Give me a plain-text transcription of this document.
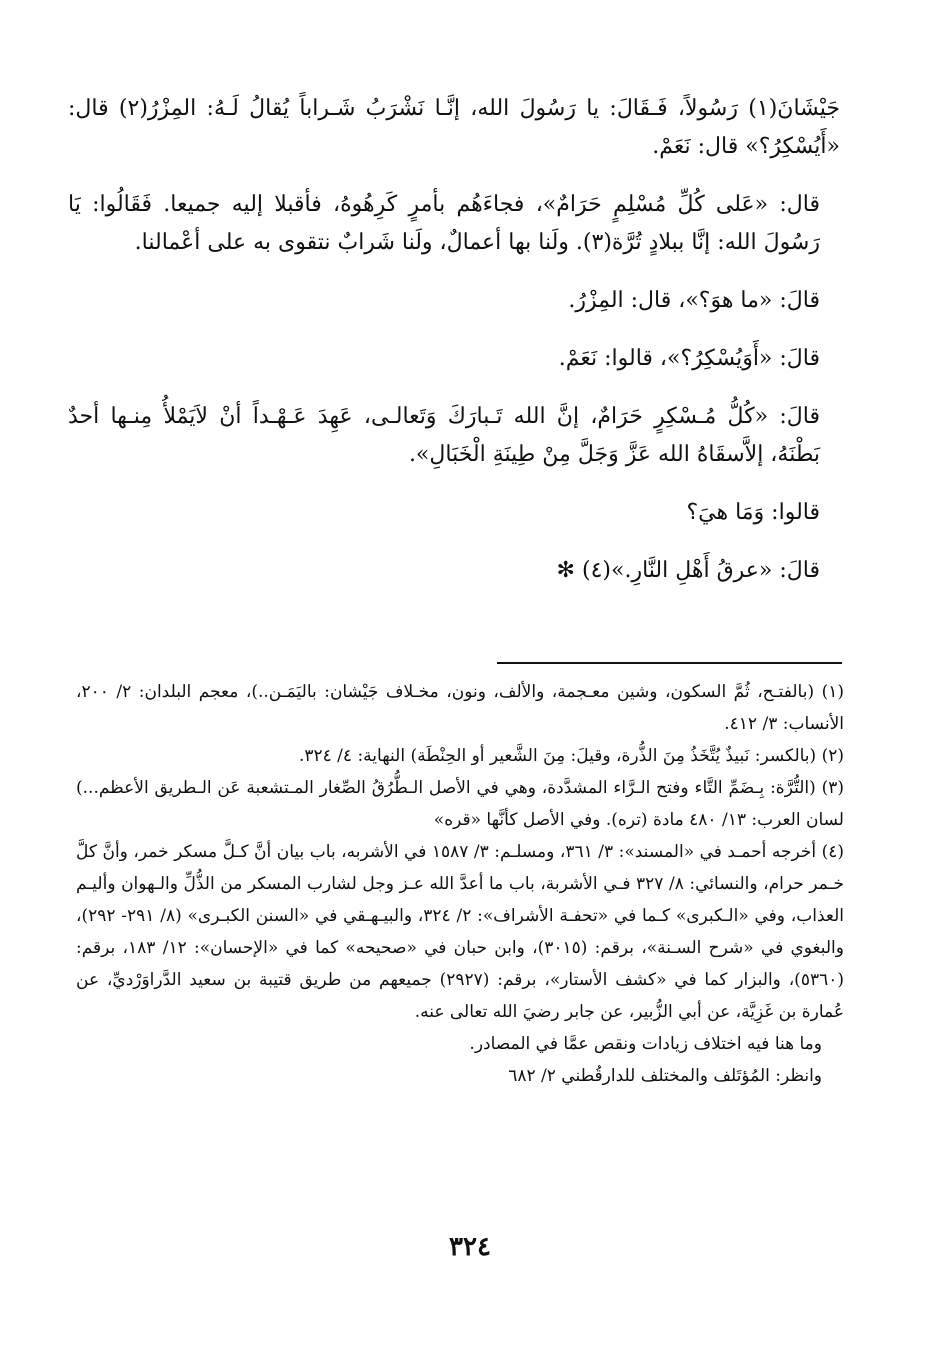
جَيْشَانَ(١) رَسُولاً، فَـقَالَ: يا رَسُولَ الله، إنَّـا نَشْرَبُ شَـراباً يُقالُ لَـهُ: المِزْرُ(٢) قال: «أَيُسْكِرُ؟» قال: نَعَمْ.

قال: «عَلى كُلِّ مُسْلِمٍ حَرَامٌ»، فجاءَهُم بأمرٍ كَرِهُوهُ، فأقبلا إليه جميعا. فَقَالُوا: يَا رَسُولَ الله: إنَّا ببلادٍ تُرَّة(٣). ولَنا بها أعمالٌ، ولَنا شَرابٌ نتقوى به على أعْمالنا.

قالَ: «ما هوَ؟»، قال: المِزْرُ.

قالَ: «أَوَيُسْكِرُ؟»، قالوا: نَعَمْ.

قالَ: «كُلُّ مُـسْكِرٍ حَرَامٌ، إنَّ الله تَـبارَكَ وَتَعالـى، عَهِدَ عَـهْـداً أنْ لاَيَمْلأُ مِنـها أحدٌ بَطْنَهُ، إلاَّسقَاهُ الله عَزَّ وَجَلَّ مِنْ طِينَةِ الْخَبَالِ».

قالوا: وَمَا هيَ؟

قالَ: «عرقُ أَهْلِ النَّارِ.»(٤) ✻

(١) (بالفتـح، ثُمَّ السكون، وشين معـجمة، والألف، ونون، مخـلاف جَيْشان: باليَمَـن..)، معجم البلدان: ٢/ ٢٠٠، الأنساب: ٣/ ٤١٢.

(٢) (بالكسر: نَبيذٌ يُتَّخَذُ مِنَ الذُّرة، وقيلَ: مِنَ الشَّعير أو الحِنْطَة) النهاية: ٤/ ٣٢٤.

(٣) (التُّرَّة: بِـضَمِّ التَّاء وفتح الـرَّاء المشدَّدة، وهي في الأصل الـطُّرُقُ الصِّغار المـتشعبة عَن الـطريق الأعظم...) لسان العرب: ١٣/ ٤٨٠ مادة (تره). وفي الأصل كأنَّها «قره»

(٤) أخرجه أحمـد في «المسند»: ٣/ ٣٦١، ومسلـم: ٣/ ١٥٨٧ في الأشربه، باب بيان أنَّ كـلَّ مسكر خمر، وأنَّ كلَّ خـمر حرام، والنسائي: ٨/ ٣٢٧ فـي الأشربة، باب ما أعدَّ الله عـز وجل لشارب المسكر من الذُّلِّ والـهوان وأليـم العذاب، وفي «الـكبرى» كـما في «تحفـة الأشراف»: ٢/ ٣٢٤، والبيـهـقي في «السنن الكبـرى» (٨/ ٢٩١- ٢٩٢)، والبغوي في «شرح السـنة»، برقم: (٣٠١٥)، وابن حبان في «صحيحه» كما في «الإحسان»: ١٢/ ١٨٣، برقم: (٥٣٦٠)، والبزار كما في «كشف الأستار»، برقم: (٢٩٢٧) جميعهم من طريق قتيبة بن سعيد الدَّراوَرْديِّ، عن عُمارة بن غَزِيَّة، عن أبي الزُّبير، عن جابر رضيَ الله تعالى عنه.

وما هنا فيه اختلاف زيادات ونقص عمَّا في المصادر.

وانظر: المُؤتَلف والمختلف للدارقُطني ٢/ ٦٨٢

٣٢٤
